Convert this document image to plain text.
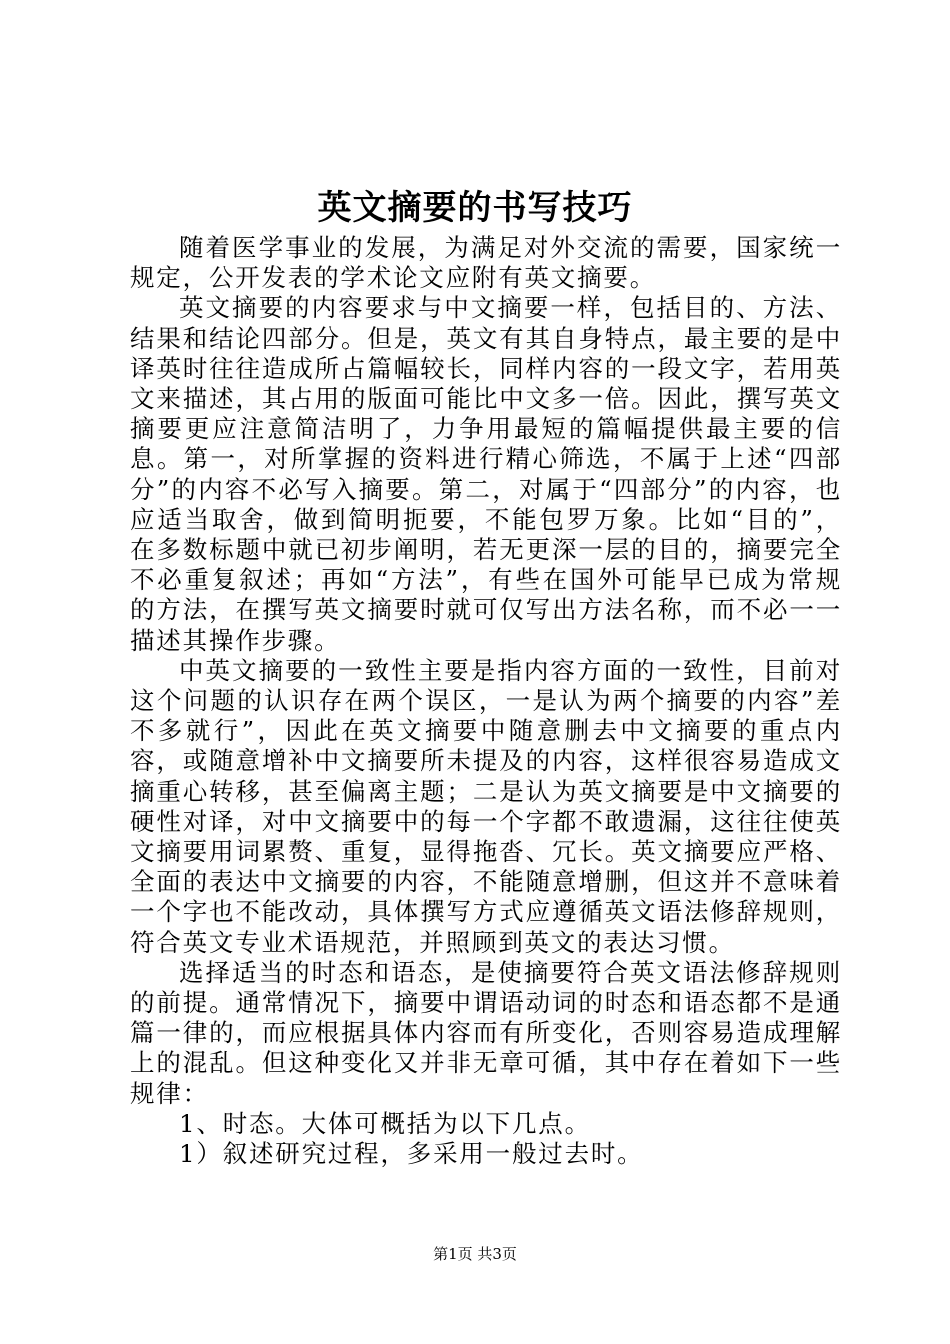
英文摘要的书写技巧

随着医学事业的发展，为满足对外交流的需要，国家统一规定，公开发表的学术论文应附有英文摘要。

英文摘要的内容要求与中文摘要一样，包括目的、方法、结果和结论四部分。但是，英文有其自身特点，最主要的是中译英时往往造成所占篇幅较长，同样内容的一段文字，若用英文来描述，其占用的版面可能比中文多一倍。因此，撰写英文摘要更应注意简洁明了，力争用最短的篇幅提供最主要的信息。第一，对所掌握的资料进行精心筛选，不属于上述“四部分”的内容不必写入摘要。第二，对属于“四部分”的内容，也应适当取舍，做到简明扼要，不能包罗万象。比如“目的”，在多数标题中就已初步阐明，若无更深一层的目的，摘要完全不必重复叙述；再如“方法”，有些在国外可能早已成为常规的方法，在撰写英文摘要时就可仅写出方法名称，而不必一一描述其操作步骤。

中英文摘要的一致性主要是指内容方面的一致性，目前对这个问题的认识存在两个误区，一是认为两个摘要的内容”差不多就行”，因此在英文摘要中随意删去中文摘要的重点内容，或随意增补中文摘要所未提及的内容，这样很容易造成文摘重心转移，甚至偏离主题；二是认为英文摘要是中文摘要的硬性对译，对中文摘要中的每一个字都不敢遗漏，这往往使英文摘要用词累赘、重复，显得拖沓、冗长。英文摘要应严格、全面的表达中文摘要的内容，不能随意增删，但这并不意味着一个字也不能改动，具体撰写方式应遵循英文语法修辞规则，符合英文专业术语规范，并照顾到英文的表达习惯。

选择适当的时态和语态，是使摘要符合英文语法修辞规则的前提。通常情况下，摘要中谓语动词的时态和语态都不是通篇一律的，而应根据具体内容而有所变化，否则容易造成理解上的混乱。但这种变化又并非无章可循，其中存在着如下一些规律：

1、时态。大体可概括为以下几点。

1）叙述研究过程，多采用一般过去时。

第1页 共3页
